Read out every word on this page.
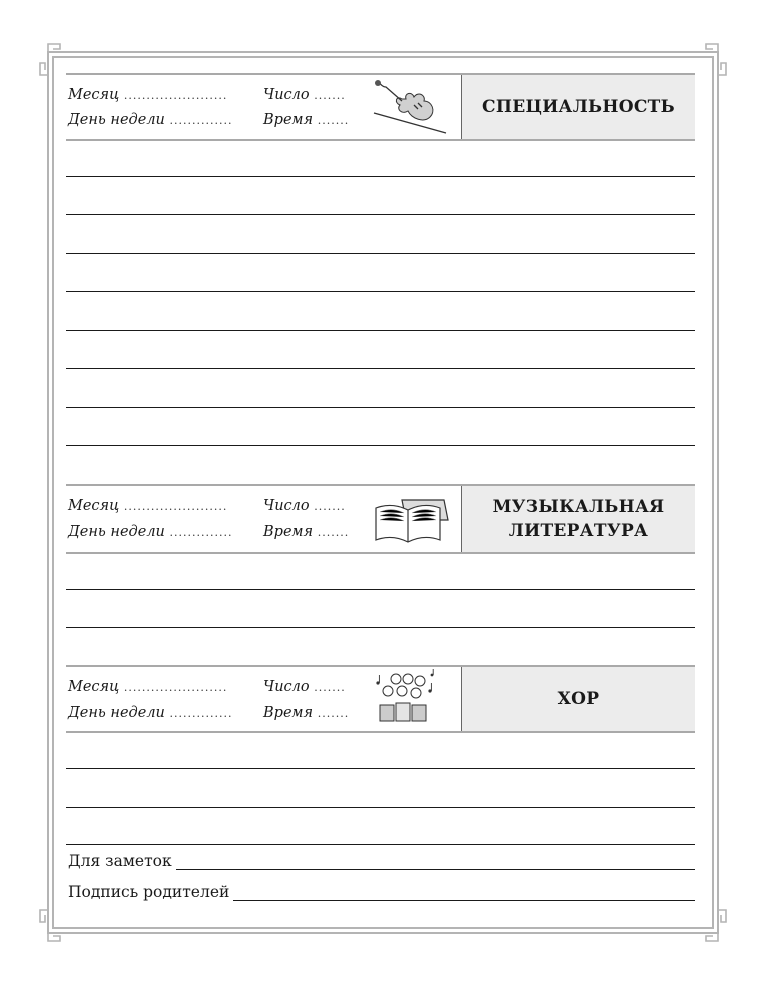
Месяц .......................
День недели ..............
Число .......
Время .......
СПЕЦИАЛЬНОСТЬ
Месяц .......................
День недели ..............
Число .......
Время .......
МУЗЫКАЛЬНАЯ
ЛИТЕРАТУРА
Месяц .......................
День недели ..............
Число .......
Время .......
ХОР
Для заметок
Подпись родителей
